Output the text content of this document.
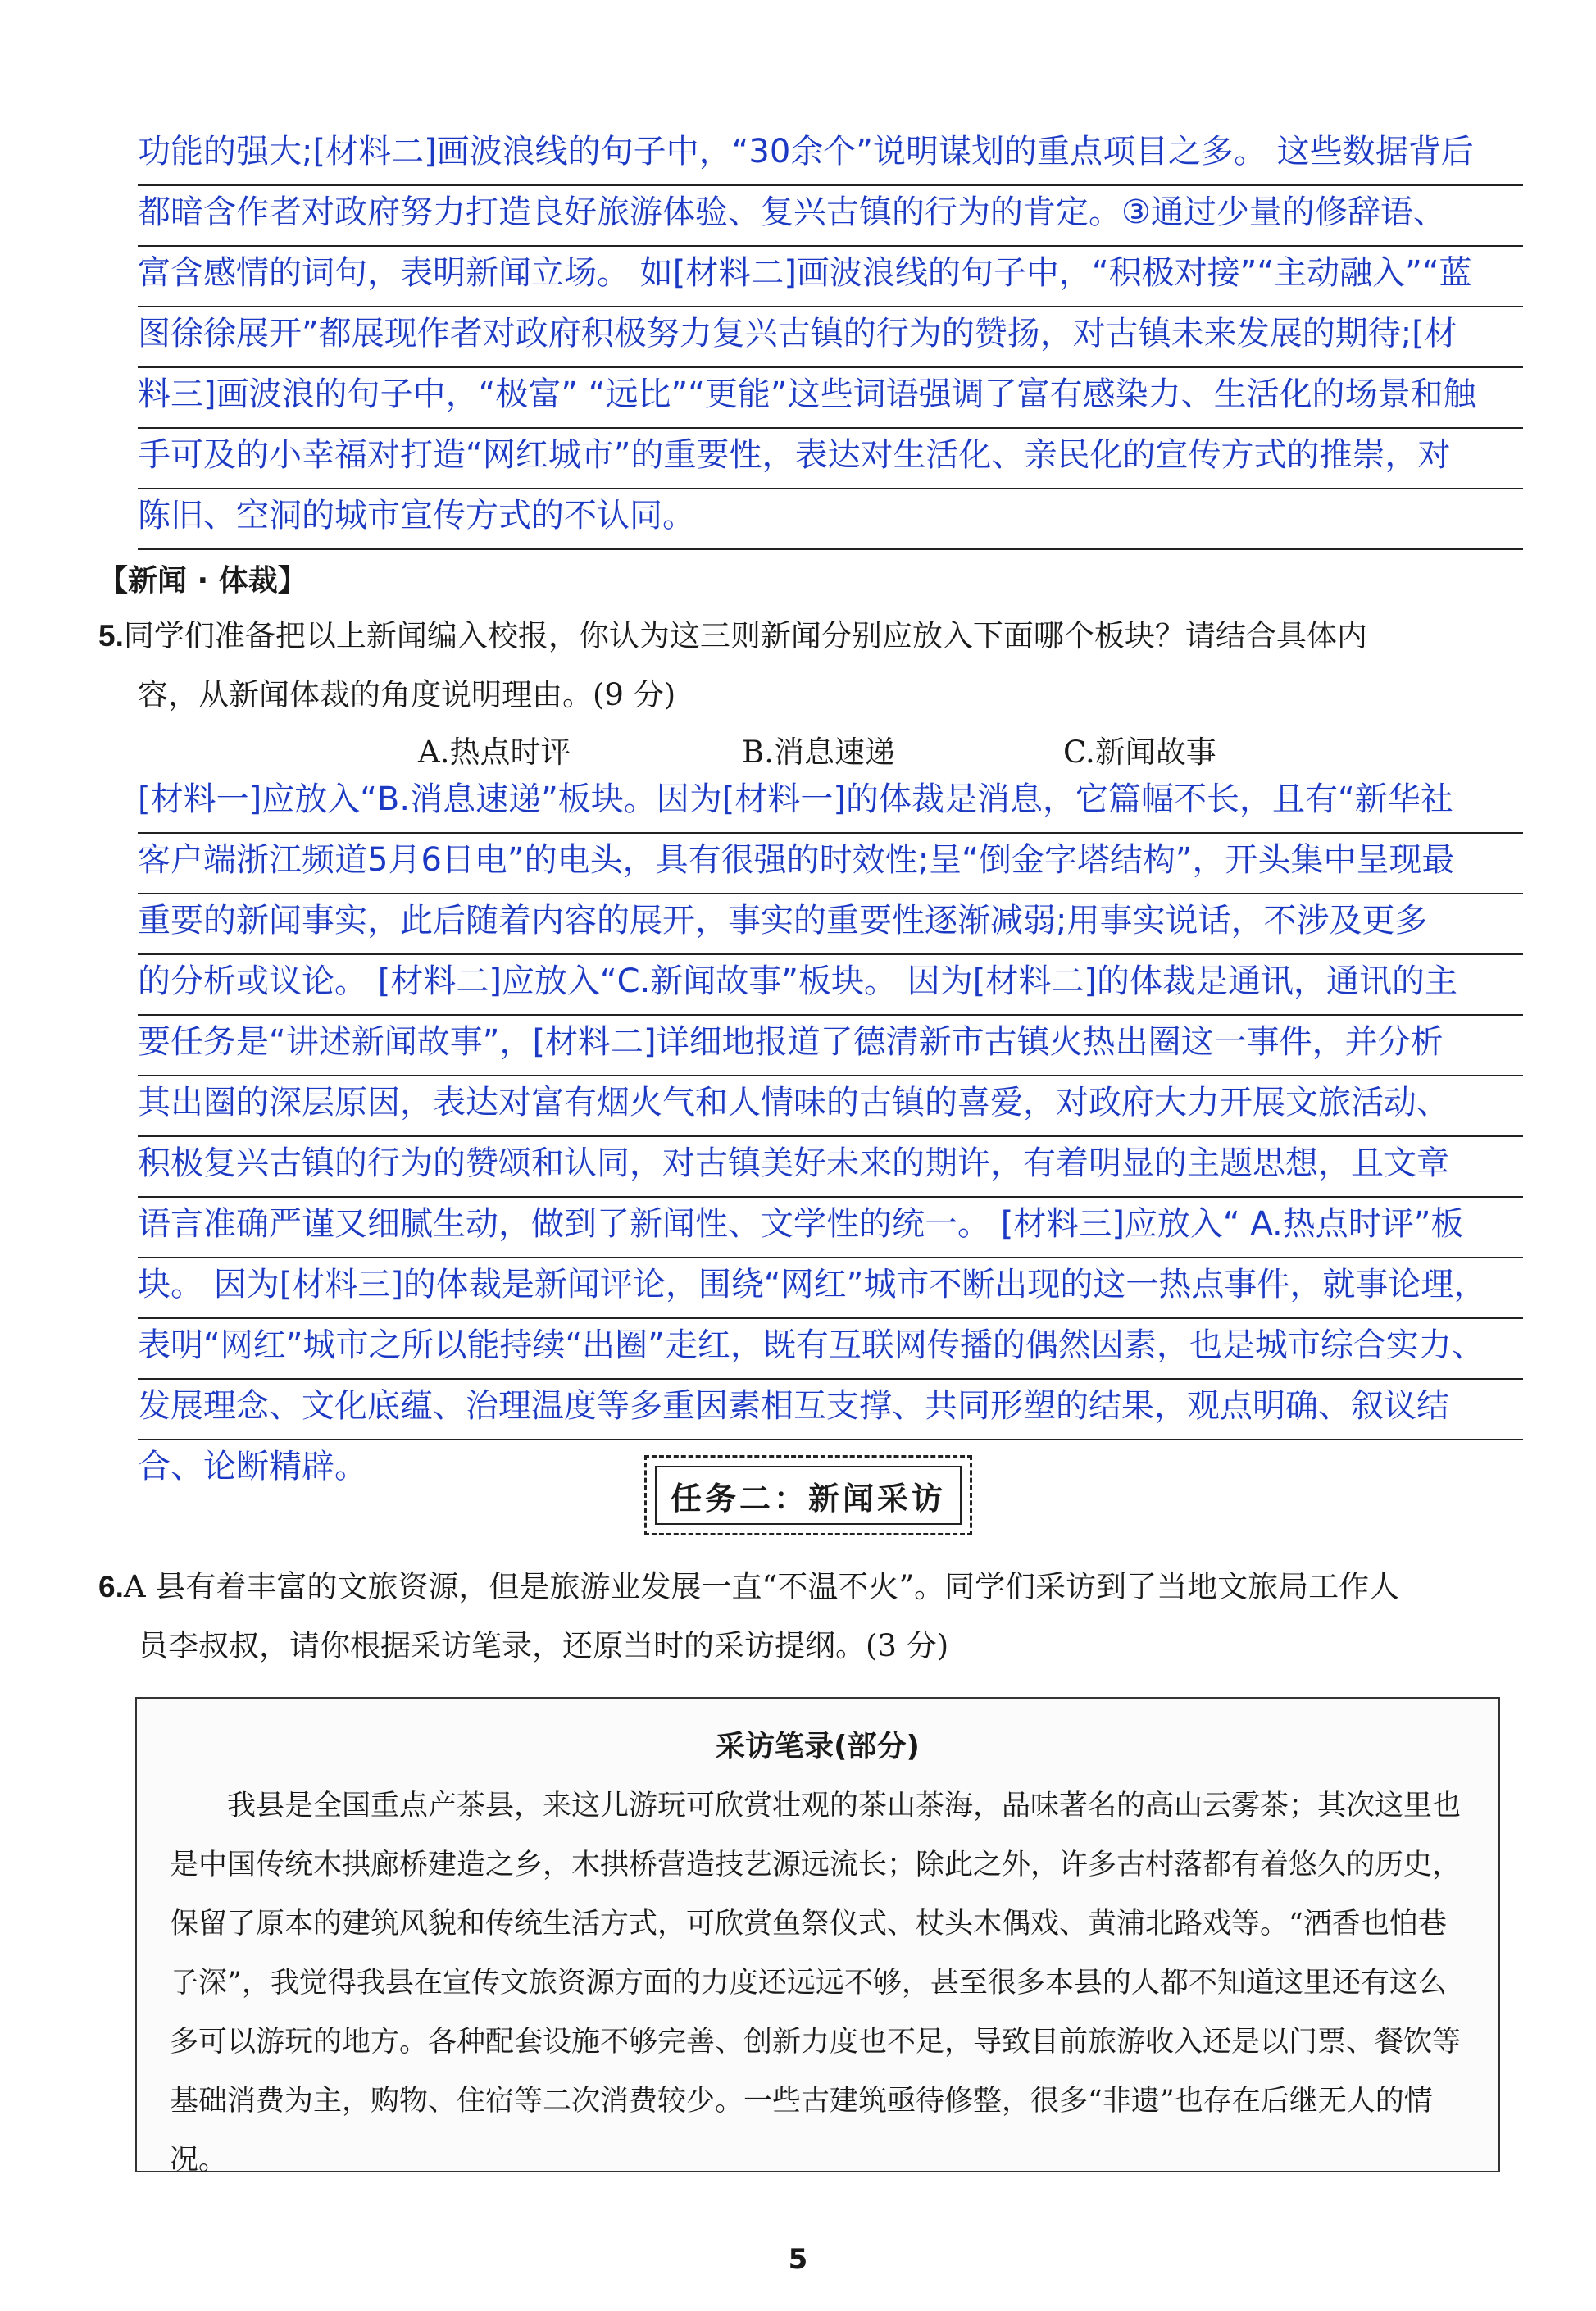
功能的强大;[材料二]画波浪线的句子中，“30余个”说明谋划的重点项目之多。 这些数据背后
都暗含作者对政府努力打造良好旅游体验、复兴古镇的行为的肯定。③通过少量的修辞语、
富含感情的词句，表明新闻立场。 如[材料二]画波浪线的句子中，“积极对接”“主动融入”“蓝
图徐徐展开”都展现作者对政府积极努力复兴古镇的行为的赞扬，对古镇未来发展的期待;[材
料三]画波浪的句子中，“极富” “远比”“更能”这些词语强调了富有感染力、生活化的场景和触
手可及的小幸福对打造“网红城市”的重要性，表达对生活化、亲民化的宣传方式的推崇，对
陈旧、空洞的城市宣传方式的不认同。
【新闻 · 体裁】
5.同学们准备把以上新闻编入校报，你认为这三则新闻分别应放入下面哪个板块？请结合具体内
容，从新闻体裁的角度说明理由。(9 分)
A.热点时评	B.消息速递	C.新闻故事
[材料一]应放入“B.消息速递”板块。因为[材料一]的体裁是消息，它篇幅不长，且有“新华社
客户端浙江频道5月6日电”的电头，具有很强的时效性;呈“倒金字塔结构”，开头集中呈现最
重要的新闻事实，此后随着内容的展开，事实的重要性逐渐减弱;用事实说话，不涉及更多
的分析或议论。 [材料二]应放入“C.新闻故事”板块。 因为[材料二]的体裁是通讯，通讯的主
要任务是“讲述新闻故事”，[材料二]详细地报道了德清新市古镇火热出圈这一事件，并分析
其出圈的深层原因，表达对富有烟火气和人情味的古镇的喜爱，对政府大力开展文旅活动、
积极复兴古镇的行为的赞颂和认同，对古镇美好未来的期许，有着明显的主题思想，且文章
语言准确严谨又细腻生动，做到了新闻性、文学性的统一。 [材料三]应放入“ A.热点时评”板
块。 因为[材料三]的体裁是新闻评论，围绕“网红”城市不断出现的这一热点事件，就事论理，
表明“网红”城市之所以能持续“出圈”走红，既有互联网传播的偶然因素，也是城市综合实力、
发展理念、文化底蕴、治理温度等多重因素相互支撑、共同形塑的结果，观点明确、叙议结
合、论断精辟。
任务二：新闻采访
6.A 县有着丰富的文旅资源，但是旅游业发展一直“不温不火”。同学们采访到了当地文旅局工作人
员李叔叔，请你根据采访笔录，还原当时的采访提纲。(3 分)
采访笔录(部分)
我县是全国重点产茶县，来这儿游玩可欣赏壮观的茶山茶海，品味著名的高山云雾茶；其次这里也是中国传统木拱廊桥建造之乡，木拱桥营造技艺源远流长；除此之外，许多古村落都有着悠久的历史，保留了原本的建筑风貌和传统生活方式，可欣赏鱼祭仪式、杖头木偶戏、黄浦北路戏等。“酒香也怕巷子深”，我觉得我县在宣传文旅资源方面的力度还远远不够，甚至很多本县的人都不知道这里还有这么多可以游玩的地方。各种配套设施不够完善、创新力度也不足，导致目前旅游收入还是以门票、餐饮等基础消费为主，购物、住宿等二次消费较少。一些古建筑亟待修整，很多“非遗”也存在后继无人的情况。
5
